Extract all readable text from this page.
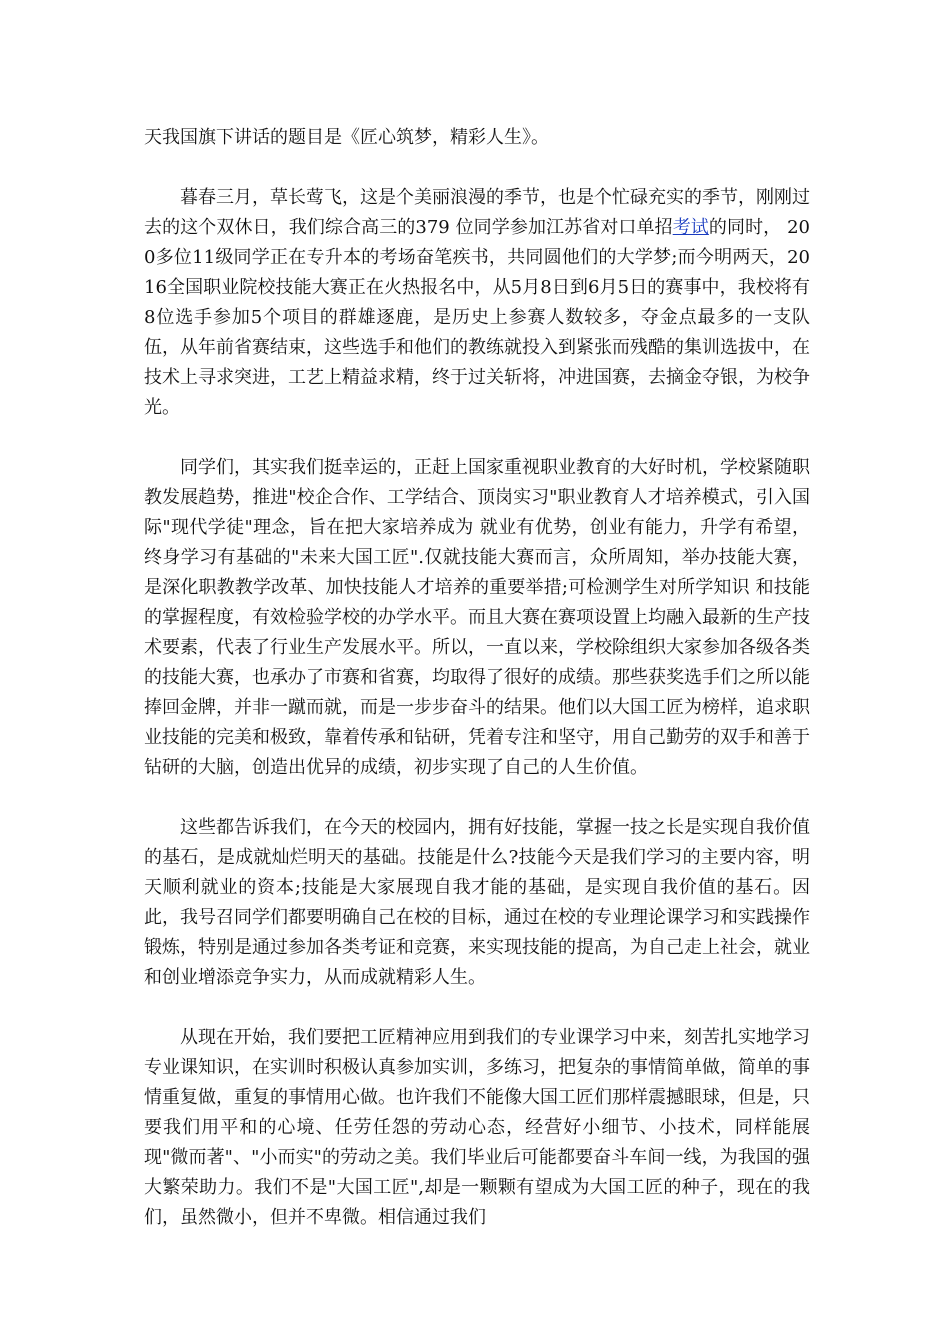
天我国旗下讲话的题目是《匠心筑梦，精彩人生》。

暮春三月，草长莺飞，这是个美丽浪漫的季节，也是个忙碌充实的季节，刚刚过去的这个双休日，我们综合高三的379 位同学参加江苏省对口单招考试的同时， 200多位11级同学正在专升本的考场奋笔疾书，共同圆他们的大学梦;而今明两天，2016全国职业院校技能大赛正在火热报名中，从5月8日到6月5日的赛事中，我校将有8位选手参加5个项目的群雄逐鹿，是历史上参赛人数较多，夺金点最多的一支队伍，从年前省赛结束，这些选手和他们的教练就投入到紧张而残酷的集训选拔中，在技术上寻求突进，工艺上精益求精，终于过关斩将，冲进国赛，去摘金夺银，为校争光。

同学们，其实我们挺幸运的，正赶上国家重视职业教育的大好时机，学校紧随职教发展趋势，推进"校企合作、工学结合、顶岗实习"职业教育人才培养模式，引入国际"现代学徒"理念，旨在把大家培养成为 就业有优势，创业有能力，升学有希望，终身学习有基础的"未来大国工匠".仅就技能大赛而言，众所周知，举办技能大赛，是深化职教教学改革、加快技能人才培养的重要举措;可检测学生对所学知识 和技能的掌握程度，有效检验学校的办学水平。而且大赛在赛项设置上均融入最新的生产技术要素，代表了行业生产发展水平。所以，一直以来，学校除组织大家参加各级各类的技能大赛，也承办了市赛和省赛，均取得了很好的成绩。那些获奖选手们之所以能捧回金牌，并非一蹴而就，而是一步步奋斗的结果。他们以大国工匠为榜样，追求职业技能的完美和极致，靠着传承和钻研，凭着专注和坚守，用自己勤劳的双手和善于钻研的大脑，创造出优异的成绩，初步实现了自己的人生价值。

这些都告诉我们，在今天的校园内，拥有好技能，掌握一技之长是实现自我价值的基石，是成就灿烂明天的基础。技能是什么?技能今天是我们学习的主要内容，明天顺利就业的资本;技能是大家展现自我才能的基础，是实现自我价值的基石。因此，我号召同学们都要明确自己在校的目标，通过在校的专业理论课学习和实践操作锻炼，特别是通过参加各类考证和竞赛，来实现技能的提高，为自己走上社会，就业和创业增添竞争实力，从而成就精彩人生。

从现在开始，我们要把工匠精神应用到我们的专业课学习中来，刻苦扎实地学习专业课知识，在实训时积极认真参加实训，多练习，把复杂的事情简单做，简单的事情重复做，重复的事情用心做。也许我们不能像大国工匠们那样震撼眼球，但是，只要我们用平和的心境、任劳任怨的劳动心态，经营好小细节、小技术，同样能展现"微而著"、"小而实"的劳动之美。我们毕业后可能都要奋斗车间一线，为我国的强大繁荣助力。我们不是"大国工匠",却是一颗颗有望成为大国工匠的种子，现在的我们，虽然微小，但并不卑微。相信通过我们
